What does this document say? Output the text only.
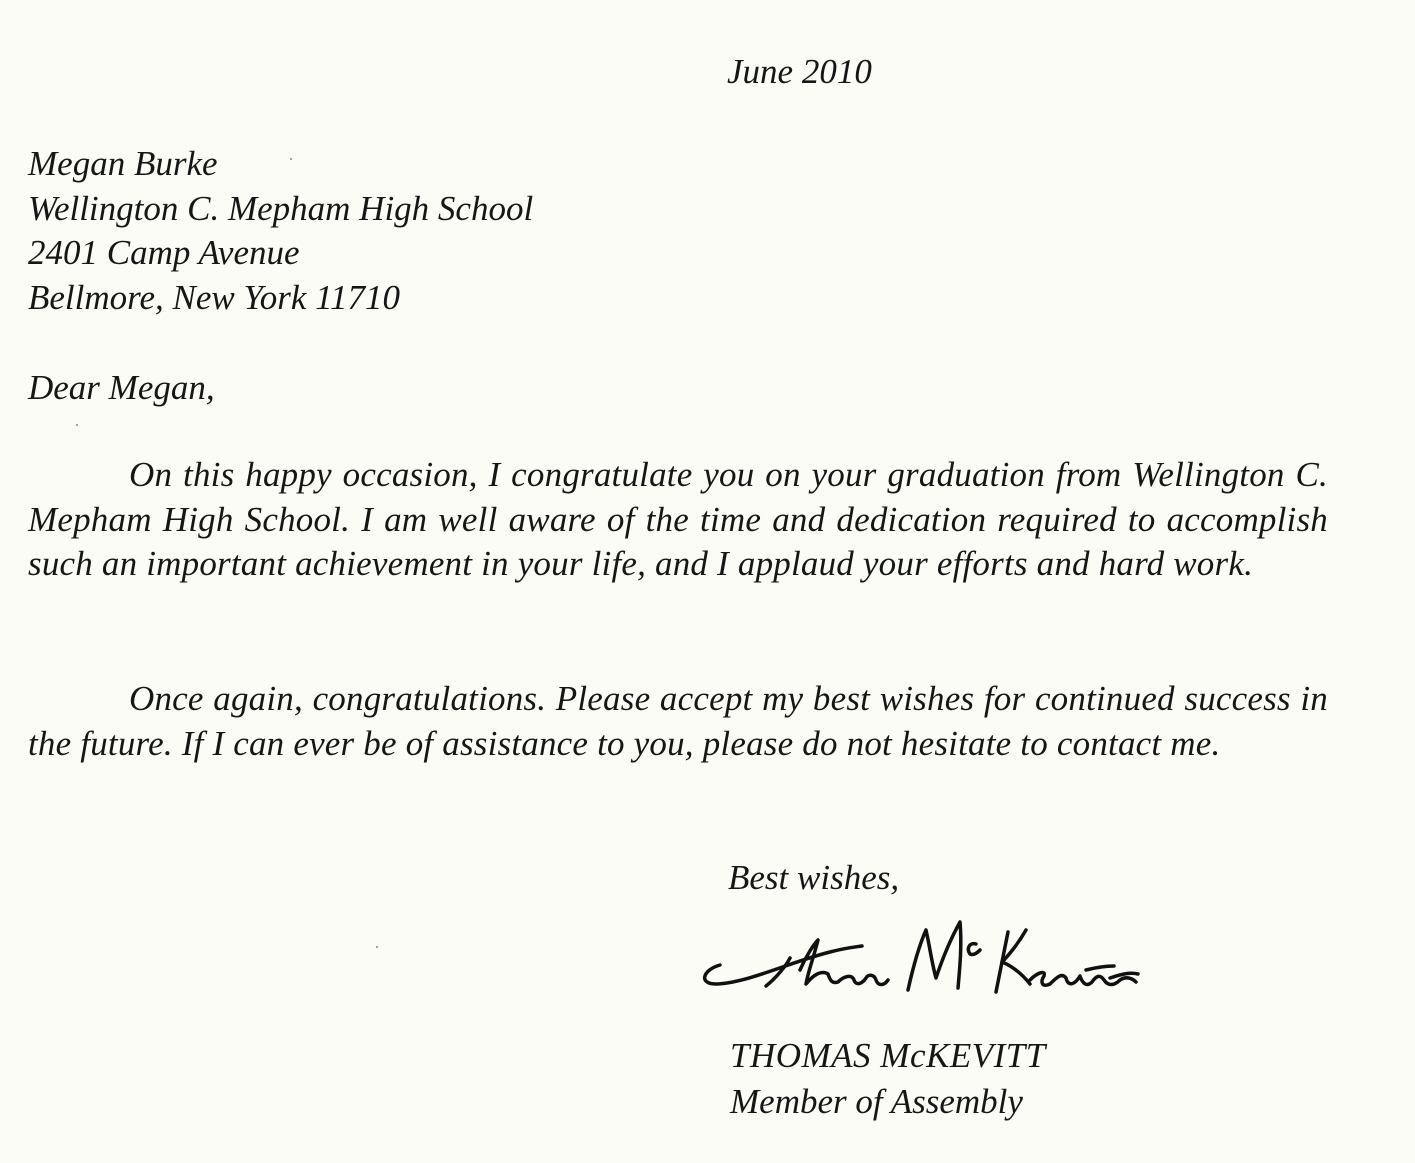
June 2010
Megan Burke
Wellington C. Mepham High School
2401 Camp Avenue
Bellmore, New York 11710
Dear Megan,

On this happy occasion, I congratulate you on your graduation from Wellington C. Mepham High School. I am well aware of the time and dedication required to accomplish such an important achievement in your life, and I applaud your efforts and hard work.

Once again, congratulations. Please accept my best wishes for continued success in the future. If I can ever be of assistance to you, please do not hesitate to contact me.

Best wishes,
THOMAS McKEVITT
Member of Assembly
